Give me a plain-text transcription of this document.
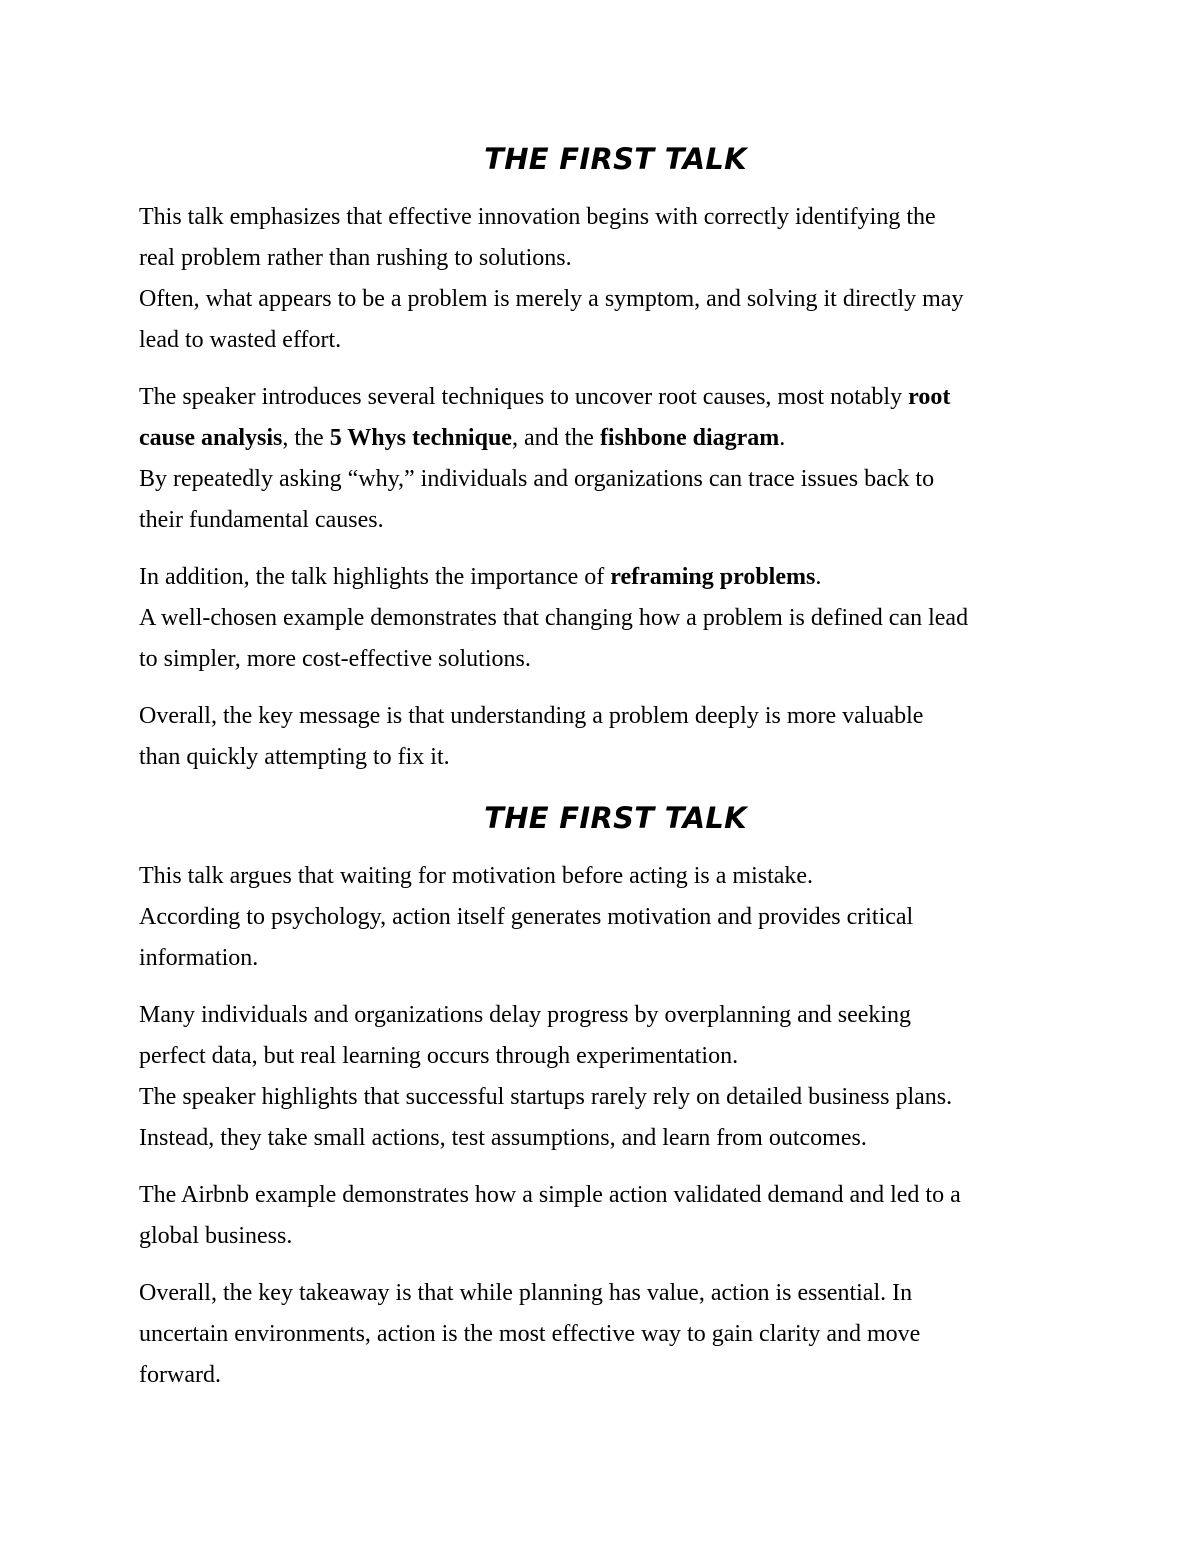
THE FIRST TALK
This talk emphasizes that effective innovation begins with correctly identifying the
real problem rather than rushing to solutions.
Often, what appears to be a problem is merely a symptom, and solving it directly may
lead to wasted effort.
The speaker introduces several techniques to uncover root causes, most notably root
cause analysis, the 5 Whys technique, and the fishbone diagram.
By repeatedly asking “why,” individuals and organizations can trace issues back to
their fundamental causes.
In addition, the talk highlights the importance of reframing problems.
A well-chosen example demonstrates that changing how a problem is defined can lead
to simpler, more cost-effective solutions.
Overall, the key message is that understanding a problem deeply is more valuable
than quickly attempting to fix it.
THE FIRST TALK
This talk argues that waiting for motivation before acting is a mistake.
According to psychology, action itself generates motivation and provides critical
information.
Many individuals and organizations delay progress by overplanning and seeking
perfect data, but real learning occurs through experimentation.
The speaker highlights that successful startups rarely rely on detailed business plans.
Instead, they take small actions, test assumptions, and learn from outcomes.
The Airbnb example demonstrates how a simple action validated demand and led to a
global business.
Overall, the key takeaway is that while planning has value, action is essential. In
uncertain environments, action is the most effective way to gain clarity and move
forward.
